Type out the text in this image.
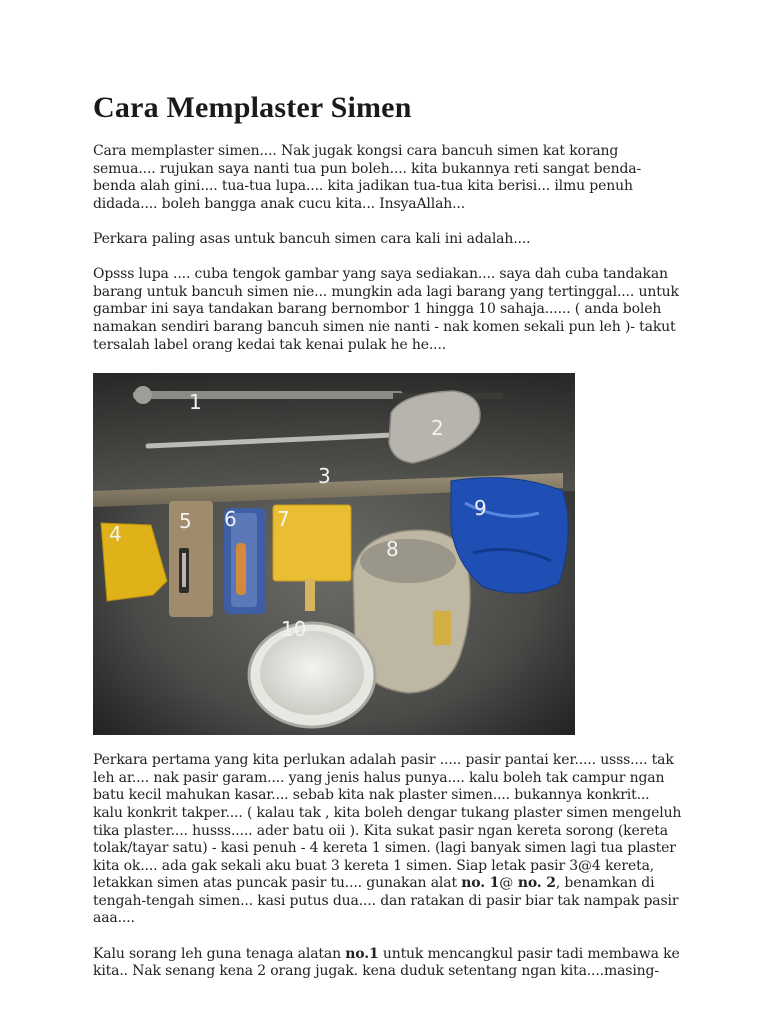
Cara Memplaster Simen

Cara memplaster simen.... Nak jugak kongsi cara bancuh simen kat korang semua.... rujukan saya nanti tua pun boleh.... kita bukannya reti sangat benda-benda alah gini.... tua-tua lupa.... kita jadikan tua-tua kita berisi... ilmu penuh didada.... boleh bangga anak cucu kita... InsyaAllah...

Perkara paling asas untuk bancuh simen cara kali ini adalah....

Opsss lupa .... cuba tengok gambar yang saya sediakan.... saya dah cuba tandakan barang untuk bancuh simen nie... mungkin ada lagi barang yang tertinggal.... untuk gambar ini saya tandakan barang bernombor 1 hingga 10 sahaja...... ( anda boleh namakan sendiri barang bancuh simen nie nanti - nak komen sekali pun leh )- takut tersalah label orang kedai tak kenai pulak he he....

1
2
3
4
5 6 7
8
9
10

Perkara pertama yang kita perlukan adalah pasir ..... pasir pantai ker..... usss.... tak leh ar.... nak pasir garam.... yang jenis halus punya.... kalu boleh tak campur ngan batu kecil mahukan kasar.... sebab kita nak plaster simen.... bukannya konkrit... kalu konkrit takper.... ( kalau tak , kita boleh dengar tukang plaster simen mengeluh tika plaster.... hus​ss..... ader batu oii ). Kita sukat pasir ngan kereta sorong (kereta tolak/tayar satu) - kasi penuh - 4 kereta 1 simen. (lagi banyak simen lagi tua plaster kita ok.... ada gak sekali aku buat 3 kereta 1 simen. Siap letak pasir 3@4 kereta, letakkan simen atas puncak pasir tu.... gunakan alat no. 1@ no. 2, benamkan di tengah-tengah simen... kasi putus dua.... dan ratakan di pasir biar tak nampak pasir aaa....

Kalu sorang leh guna tenaga alatan no.1 untuk mencangkul pasir tadi membawa ke kita.. Nak senang kena 2 orang jugak. kena duduk setentang ngan kita....masing-
